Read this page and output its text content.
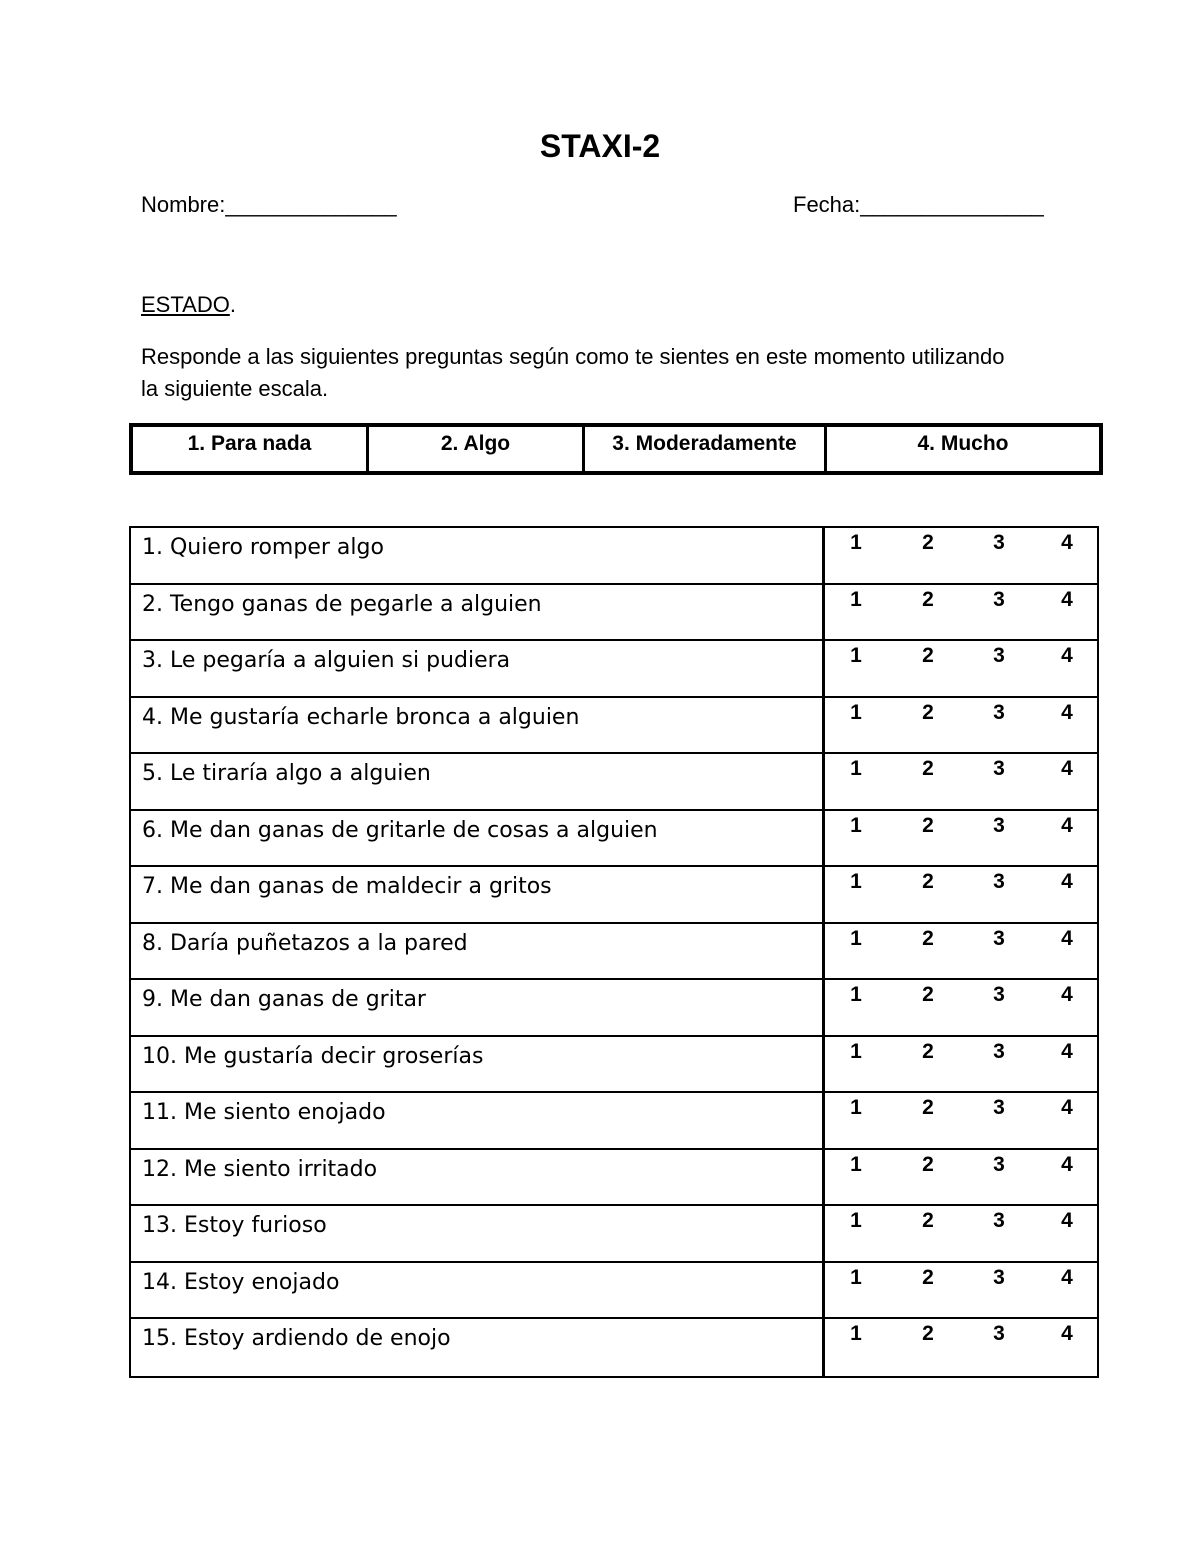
STAXI-2
Nombre:______________	Fecha:_______________
ESTADO.
Responde a las siguientes preguntas según como te sientes en este momento utilizando la siguiente escala.
1. Para nada	2. Algo	3. Moderadamente	4. Mucho
1. Quiero romper algo	1	2	3	4
2. Tengo ganas de pegarle a alguien	1	2	3	4
3. Le pegaría a alguien si pudiera	1	2	3	4
4. Me gustaría echarle bronca a alguien	1	2	3	4
5. Le tiraría algo a alguien	1	2	3	4
6. Me dan ganas de gritarle de cosas a alguien	1	2	3	4
7. Me dan ganas de maldecir a gritos	1	2	3	4
8. Daría puñetazos a la pared	1	2	3	4
9. Me dan ganas de gritar	1	2	3	4
10. Me gustaría decir groserías	1	2	3	4
11. Me siento enojado	1	2	3	4
12. Me siento irritado	1	2	3	4
13. Estoy furioso	1	2	3	4
14. Estoy enojado	1	2	3	4
15. Estoy ardiendo de enojo	1	2	3	4
